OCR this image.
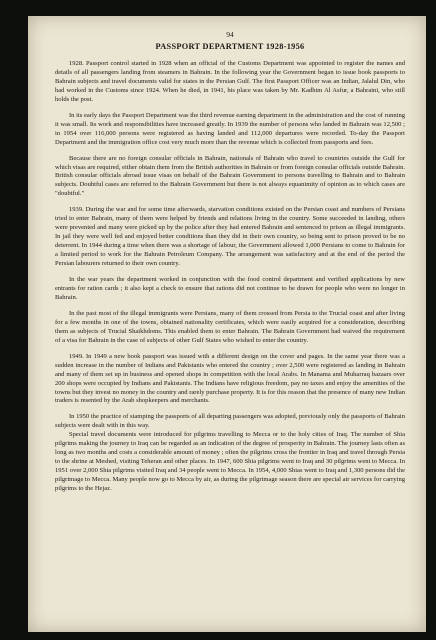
94
PASSPORT DEPARTMENT 1928-1956

1928. Passport control started in 1928 when an official of the Customs Department was appointed to register the names and details of all passengers landing from steamers in Bahrain. In the following year the Government began to issue book passports to Bahrain subjects and travel documents valid for states in the Persian Gulf. The first Passport Officer was an Indian, Jalalul Din, who had worked in the Customs since 1924. When he died, in 1941, his place was taken by Mr. Kadhim Al Asfur, a Bahraini, who still holds the post.

In its early days the Passport Department was the third revenue earning department in the administration and the cost of running it was small. Its work and responsibilities have increased greatly. In 1939 the number of persons who landed in Bahrain was 12,500 ; in 1954 over 116,000 persons were registered as having landed and 112,000 departures were recorded. To-day the Passport Department and the immigration office cost very much more than the revenue which is collected from passports and fees.

Because there are no foreign consular officials in Bahrain, nationals of Bahrain who travel to countries outside the Gulf for which visas are required, either obtain them from the British authorities in Bahrain or from foreign consular officials outside Bahrain. British consular officials abroad issue visas on behalf of the Bahrain Government to persons travelling to Bahrain and to Bahrain subjects. Doubtful cases are referred to the Bahrain Government but there is not always equanimity of opinion as to which cases are "doubtful."

1939. During the war and for some time afterwards, starvation conditions existed on the Persian coast and numbers of Persians tried to enter Bahrain, many of them were helped by friends and relations living in the country. Some succeeded in landing, others were prevented and many were picked up by the police after they had entered Bahrain and sentenced to prison as illegal immigrants. In jail they were well fed and enjoyed better conditions than they did in their own country, so being sent to prison proved to be no deterrent. In 1944 during a time when there was a shortage of labour, the Government allowed 1,000 Persians to come to Bahrain for a limited period to work for the Bahrain Petroleum Company. The arrangement was satisfactory and at the end of the period the Persian labourers returned to their own country.

In the war years the department worked in conjunction with the food control department and verified applications by new entrants for ration cards ; it also kept a check to ensure that rations did not continue to be drawn for people who were no longer in Bahrain.

In the past most of the illegal immigrants were Persians, many of them crossed from Persia to the Trucial coast and after living for a few months in one of the towns, obtained nationality certificates, which were easily acquired for a consideration, describing them as subjects of Trucial Shaikhdoms. This enabled them to enter Bahrain. The Bahrain Government had waived the requirement of a visa for Bahrain in the case of subjects of other Gulf States who wished to enter the country.

1949. In 1949 a new book passport was issued with a different design on the cover and pages. In the same year there was a sudden increase in the number of Indians and Pakistanis who entered the country ; over 2,500 were registered as landing in Bahrain and many of them set up in business and opened shops in competition with the local Arabs. In Manama and Muharraq bazaars over 200 shops were occupied by Indians and Pakistanis. The Indians have religious freedom, pay no taxes and enjoy the amenities of the towns but they invest no money in the country and rarely purchase property. It is for this reason that the presence of many new Indian traders is resented by the Arab shopkeepers and merchants.

In 1950 the practice of stamping the passports of all departing passengers was adopted, previously only the passports of Bahrain subjects were dealt with in this way.

Special travel documents were introduced for pilgrims travelling to Mecca or to the holy cities of Iraq. The number of Shia pilgrims making the journey to Iraq can be regarded as an indication of the degree of prosperity in Bahrain. The journey lasts often as long as two months and costs a considerable amount of money ; often the pilgrims cross the frontier in Iraq and travel through Persia to the shrine at Meshed, visiting Teheran and other places. In 1947, 600 Shia pilgrims went to Iraq and 30 pilgrims went to Mecca. In 1951 over 2,000 Shia pilgrims visited Iraq and 34 people went to Mecca. In 1954, 4,000 Shias went to Iraq and 1,300 persons did the pilgrimage to Mecca. Many people now go to Mecca by air, as during the pilgrimage season there are special air services for carrying pilgrims to the Hejaz.
